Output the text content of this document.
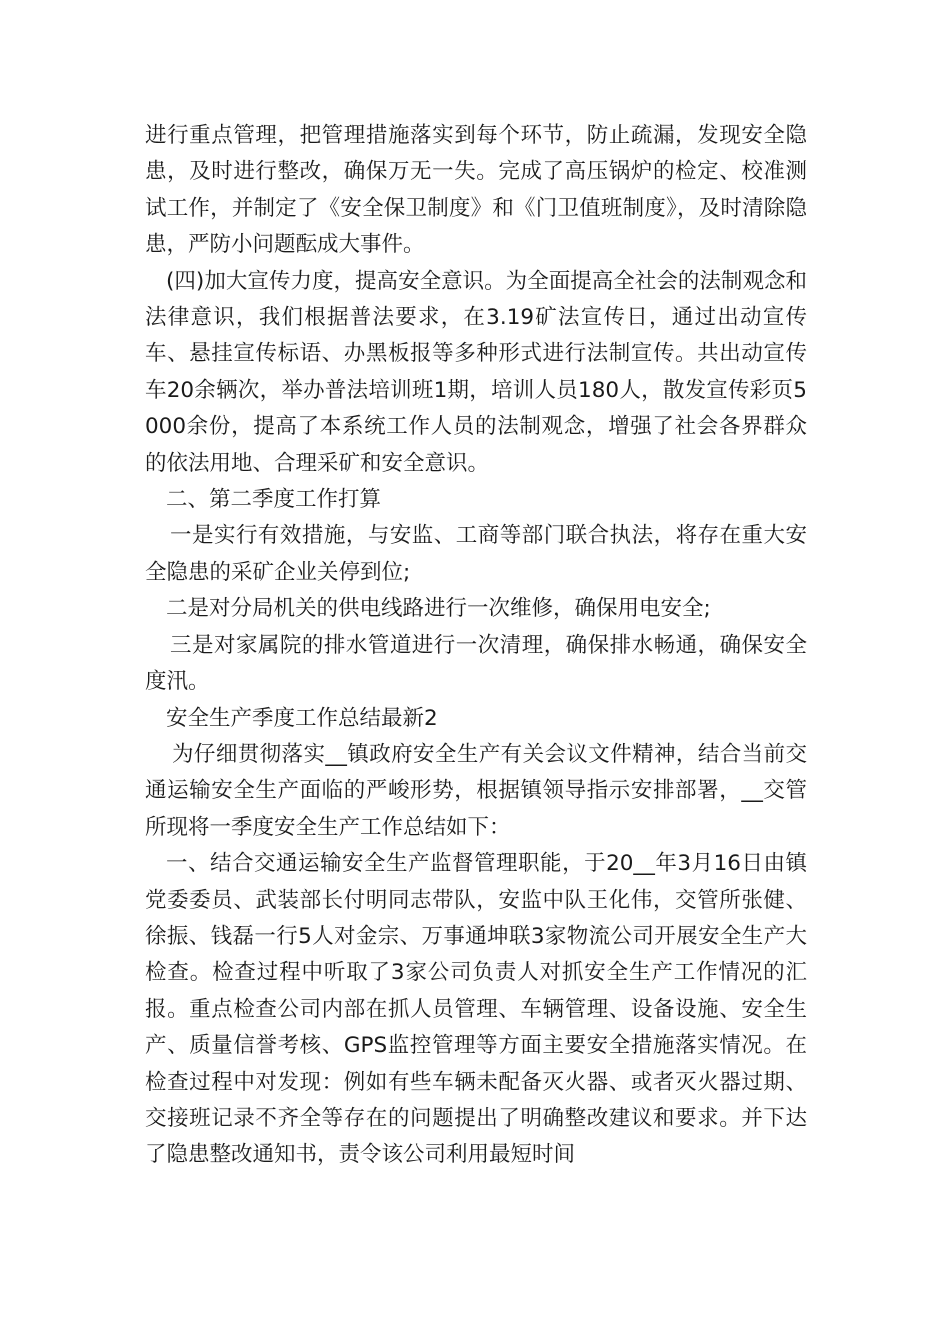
进行重点管理，把管理措施落实到每个环节，防止疏漏，发现安全隐患，及时进行整改，确保万无一失。完成了高压锅炉的检定、校准测试工作，并制定了《安全保卫制度》和《门卫值班制度》，及时清除隐患，严防小问题酝成大事件。

(四)加大宣传力度，提高安全意识。为全面提高全社会的法制观念和法律意识，我们根据普法要求，在3.19矿法宣传日，通过出动宣传车、悬挂宣传标语、办黑板报等多种形式进行法制宣传。共出动宣传车20余辆次，举办普法培训班1期，培训人员180人，散发宣传彩页5000余份，提高了本系统工作人员的法制观念，增强了社会各界群众的依法用地、合理采矿和安全意识。

二、第二季度工作打算

一是实行有效措施，与安监、工商等部门联合执法，将存在重大安全隐患的采矿企业关停到位;

二是对分局机关的供电线路进行一次维修，确保用电安全;

三是对家属院的排水管道进行一次清理，确保排水畅通，确保安全度汛。

安全生产季度工作总结最新2

为仔细贯彻落实__镇政府安全生产有关会议文件精神，结合当前交通运输安全生产面临的严峻形势，根据镇领导指示安排部署，__交管所现将一季度安全生产工作总结如下：

一、结合交通运输安全生产监督管理职能，于20__年3月16日由镇党委委员、武装部长付明同志带队，安监中队王化伟，交管所张健、徐振、钱磊一行5人对金宗、万事通坤联3家物流公司开展安全生产大检查。检查过程中听取了3家公司负责人对抓安全生产工作情况的汇报。重点检查公司内部在抓人员管理、车辆管理、设备设施、安全生产、质量信誉考核、GPS监控管理等方面主要安全措施落实情况。在检查过程中对发现：例如有些车辆未配备灭火器、或者灭火器过期、交接班记录不齐全等存在的问题提出了明确整改建议和要求。并下达了隐患整改通知书，责令该公司利用最短时间
